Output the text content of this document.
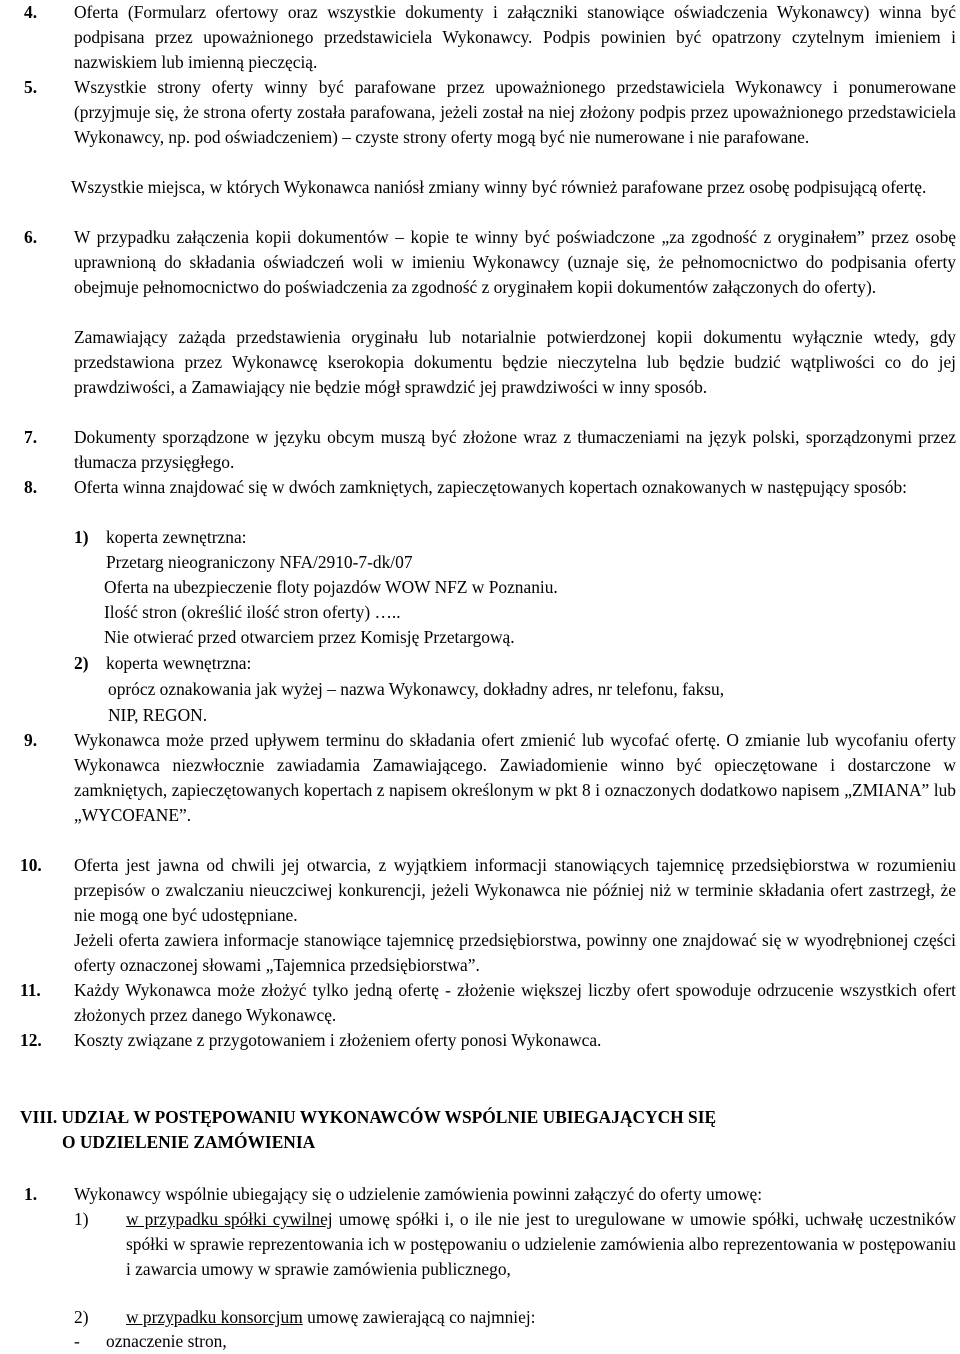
4. Oferta (Formularz ofertowy oraz wszystkie dokumenty i załączniki stanowiące oświadczenia Wykonawcy) winna być podpisana przez upoważnionego przedstawiciela Wykonawcy. Podpis powinien być opatrzony czytelnym imieniem i nazwiskiem lub imienną pieczęcią.
5. Wszystkie strony oferty winny być parafowane przez upoważnionego przedstawiciela Wykonawcy i ponumerowane (przyjmuje się, że strona oferty została parafowana, jeżeli został na niej złożony podpis przez upoważnionego przedstawiciela Wykonawcy, np. pod oświadczeniem) – czyste strony oferty mogą być nie numerowane i nie parafowane.
Wszystkie miejsca, w których Wykonawca naniósł zmiany winny być również parafowane przez osobę podpisującą ofertę.
6. W przypadku załączenia kopii dokumentów – kopie te winny być poświadczone „za zgodność z oryginałem” przez osobę uprawnioną do składania oświadczeń woli w imieniu Wykonawcy (uznaje się, że pełnomocnictwo do podpisania oferty obejmuje pełnomocnictwo do poświadczenia za zgodność z oryginałem kopii dokumentów załączonych do oferty).
Zamawiający zażąda przedstawienia oryginału lub notarialnie potwierdzonej kopii dokumentu wyłącznie wtedy, gdy przedstawiona przez Wykonawcę kserokopia dokumentu będzie nieczytelna lub będzie budzić wątpliwości co do jej prawdziwości, a Zamawiający nie będzie mógł sprawdzić jej prawdziwości w inny sposób.
7. Dokumenty sporządzone w języku obcym muszą być złożone wraz z tłumaczeniami na język polski, sporządzonymi przez tłumacza przysięgłego.
8. Oferta winna znajdować się w dwóch zamkniętych, zapieczętowanych kopertach oznakowanych w następujący sposób:
1) koperta zewnętrzna:
Przetarg nieograniczony NFA/2910-7-dk/07
Oferta na ubezpieczenie floty pojazdów WOW NFZ w Poznaniu.
Ilość stron (określić ilość stron oferty) …..
Nie otwierać przed otwarciem przez Komisję Przetargową.
2) koperta wewnętrzna:
oprócz oznakowania jak wyżej – nazwa Wykonawcy, dokładny adres, nr telefonu, faksu,
NIP, REGON.
9. Wykonawca może przed upływem terminu do składania ofert zmienić lub wycofać ofertę. O zmianie lub wycofaniu oferty Wykonawca niezwłocznie zawiadamia Zamawiającego. Zawiadomienie winno być opieczętowane i dostarczone w zamkniętych, zapieczętowanych kopertach z napisem określonym w pkt 8 i oznaczonych dodatkowo napisem „ZMIANA” lub „WYCOFANE”.
10. Oferta jest jawna od chwili jej otwarcia, z wyjątkiem informacji stanowiących tajemnicę przedsiębiorstwa w rozumieniu przepisów o zwalczaniu nieuczciwej konkurencji, jeżeli Wykonawca nie później niż w terminie składania ofert zastrzegł, że nie mogą one być udostępniane.
Jeżeli oferta zawiera informacje stanowiące tajemnicę przedsiębiorstwa, powinny one znajdować się w wyodrębnionej części oferty oznaczonej słowami „Tajemnica przedsiębiorstwa”.
11. Każdy Wykonawca może złożyć tylko jedną ofertę - złożenie większej liczby ofert spowoduje odrzucenie wszystkich ofert złożonych przez danego Wykonawcę.
12. Koszty związane z przygotowaniem i złożeniem oferty ponosi Wykonawca.
VIII. UDZIAŁ W POSTĘPOWANIU WYKONAWCÓW WSPÓLNIE UBIEGAJĄCYCH SIĘ
O UDZIELENIE ZAMÓWIENIA
1. Wykonawcy wspólnie ubiegający się o udzielenie zamówienia powinni załączyć do oferty umowę:
1) w przypadku spółki cywilnej umowę spółki i, o ile nie jest to uregulowane w umowie spółki, uchwałę uczestników spółki w sprawie reprezentowania ich w postępowaniu o udzielenie zamówienia albo reprezentowania w postępowaniu i zawarcia umowy w sprawie zamówienia publicznego,
2)	w przypadku konsorcjum umowę zawierającą co najmniej:
- oznaczenie stron,
